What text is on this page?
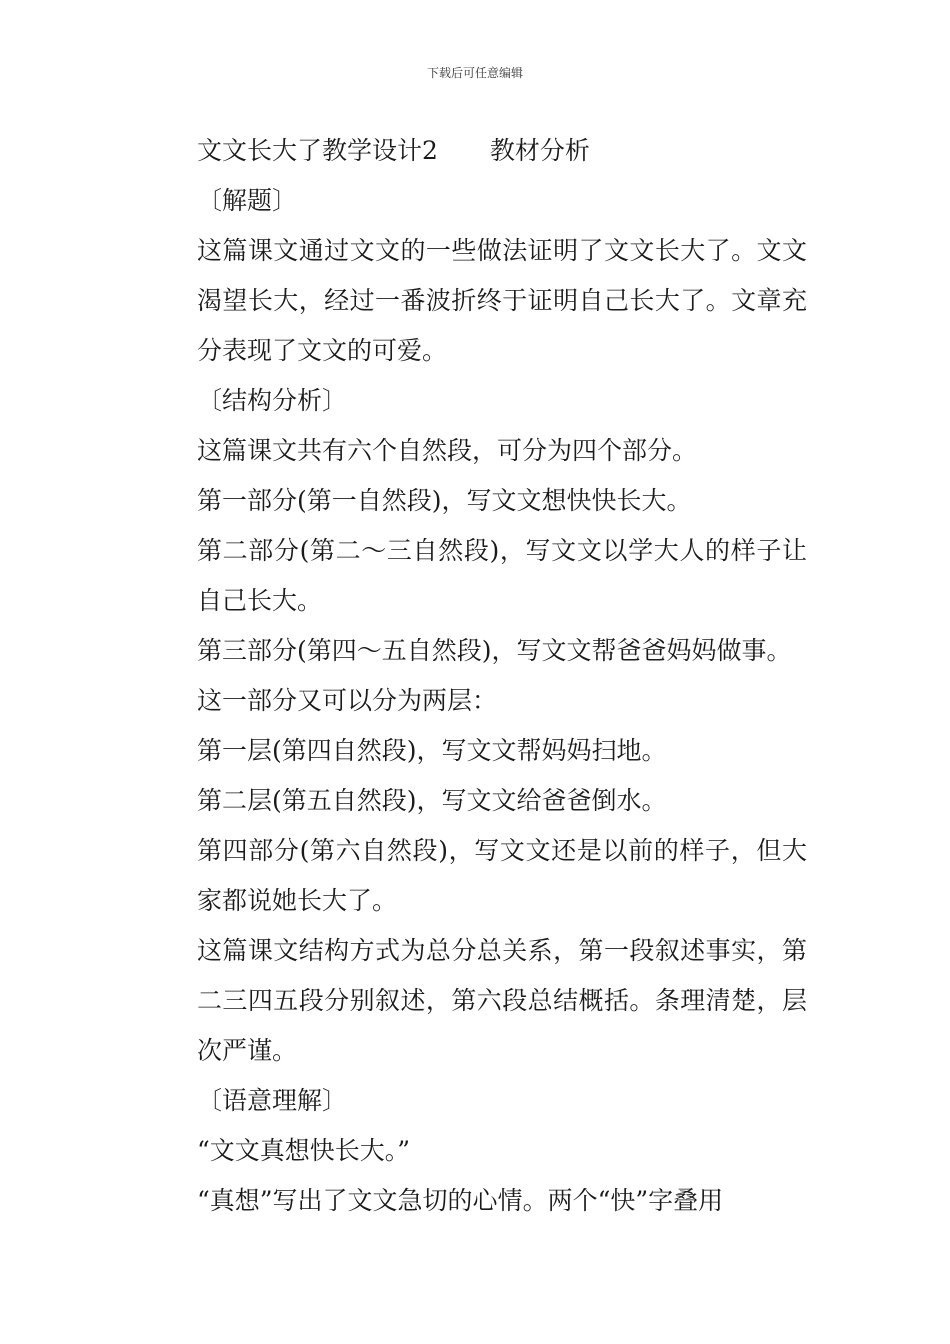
下载后可任意编辑

文文长大了教学设计2 教材分析

〔解题〕

这篇课文通过文文的一些做法证明了文文长大了。文文渴望长大，经过一番波折终于证明自己长大了。文章充分表现了文文的可爱。

〔结构分析〕

这篇课文共有六个自然段，可分为四个部分。

第一部分(第一自然段)，写文文想快快长大。

第二部分(第二～三自然段)，写文文以学大人的样子让自己长大。

第三部分(第四～五自然段)，写文文帮爸爸妈妈做事。

这一部分又可以分为两层：

第一层(第四自然段)，写文文帮妈妈扫地。

第二层(第五自然段)，写文文给爸爸倒水。

第四部分(第六自然段)，写文文还是以前的样子，但大家都说她长大了。

这篇课文结构方式为总分总关系，第一段叙述事实，第二三四五段分别叙述，第六段总结概括。条理清楚，层次严谨。

〔语意理解〕

“文文真想快长大。”

“真想”写出了文文急切的心情。两个“快”字叠用
